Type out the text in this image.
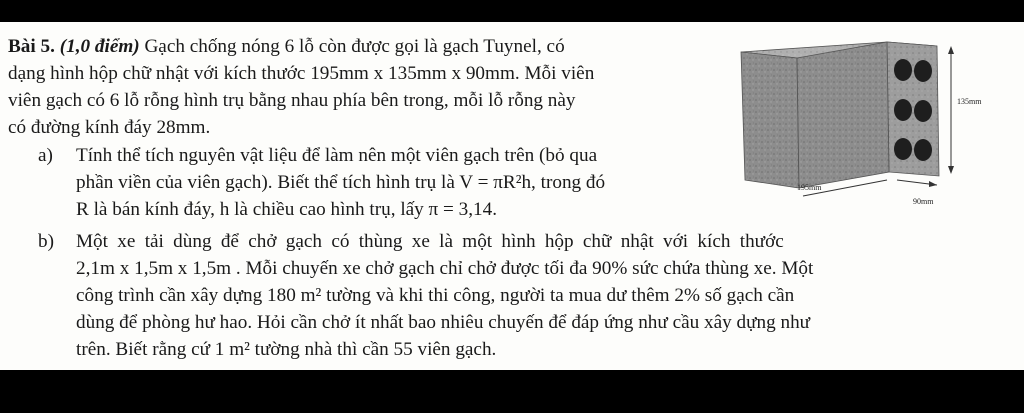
Bài 5. (1,0 điểm) Gạch chống nóng 6 lỗ còn được gọi là gạch Tuynel, có
dạng hình hộp chữ nhật với kích thước 195mm x 135mm x 90mm. Mỗi viên
viên gạch có 6 lỗ rỗng hình trụ bằng nhau phía bên trong, mỗi lỗ rỗng này
có đường kính đáy 28mm.
a) Tính thể tích nguyên vật liệu để làm nên một viên gạch trên (bỏ qua
phần viền của viên gạch). Biết thể tích hình trụ là V = πR²h, trong đó
R là bán kính đáy, h là chiều cao hình trụ, lấy π = 3,14.
b) Một xe tải dùng để chở gạch có thùng xe là một hình hộp chữ nhật với kích thước
2,1m x 1,5m x 1,5m . Mỗi chuyến xe chở gạch chỉ chở được tối đa 90% sức chứa thùng xe. Một
công trình cần xây dựng 180 m² tường và khi thi công, người ta mua dư thêm 2% số gạch cần
dùng để phòng hư hao. Hỏi cần chở ít nhất bao nhiêu chuyến để đáp ứng như cầu xây dựng như
trên. Biết rằng cứ 1 m² tường nhà thì cần 55 viên gạch.
135mm
195mm
90mm
